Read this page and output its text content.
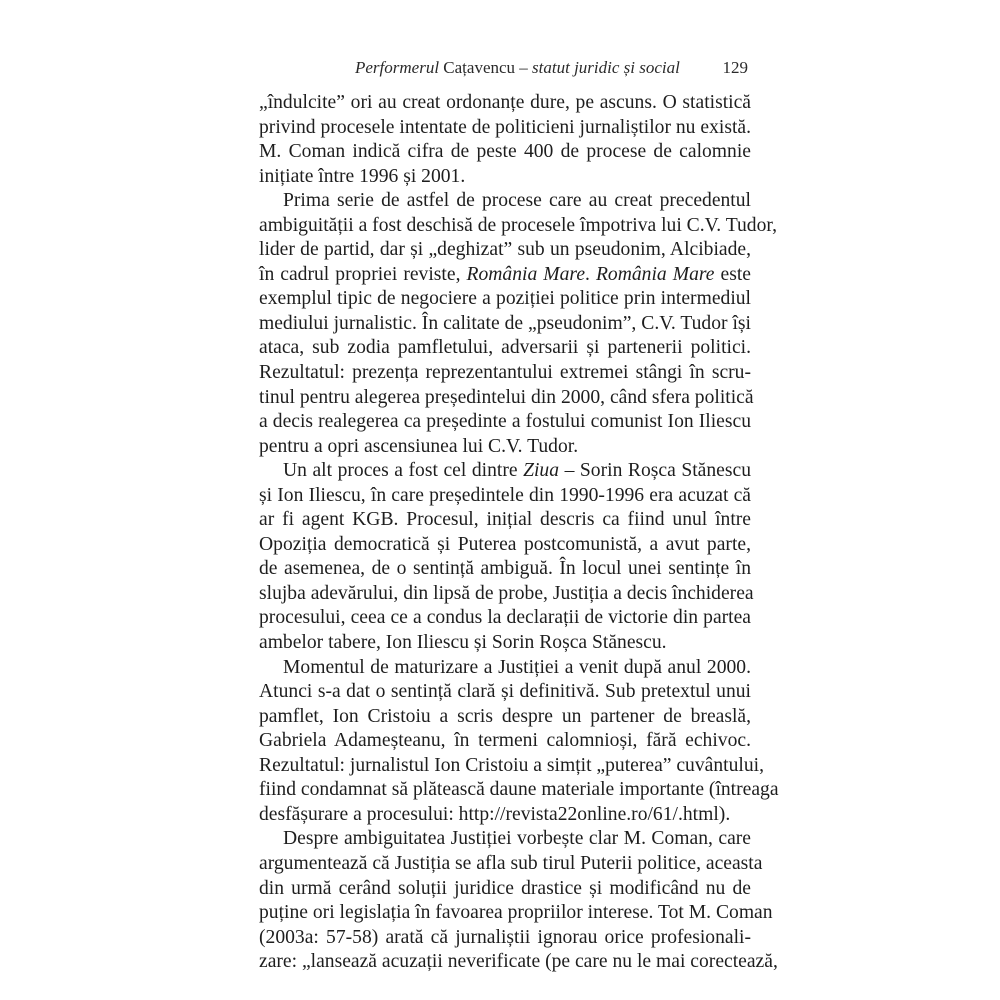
Performerul Cațavencu – statut juridic și social	129

„îndulcite” ori au creat ordonanțe dure, pe ascuns. O statistică
privind procesele intentate de politicieni jurnaliștilor nu există.
M. Coman indică cifra de peste 400 de procese de calomnie
inițiate între 1996 și 2001.

Prima serie de astfel de procese care au creat precedentul
ambiguității a fost deschisă de procesele împotriva lui C.V. Tudor,
lider de partid, dar și „deghizat” sub un pseudonim, Alcibiade,
în cadrul propriei reviste, România Mare. România Mare este
exemplul tipic de negociere a poziției politice prin intermediul
mediului jurnalistic. În calitate de „pseudonim”, C.V. Tudor își
ataca, sub zodia pamfletului, adversarii și partenerii politici.
Rezultatul: prezența reprezentantului extremei stângi în scru-
tinul pentru alegerea președintelui din 2000, când sfera politică
a decis realegerea ca președinte a fostului comunist Ion Iliescu
pentru a opri ascensiunea lui C.V. Tudor.

Un alt proces a fost cel dintre Ziua – Sorin Roșca Stănescu
și Ion Iliescu, în care președintele din 1990-1996 era acuzat că
ar fi agent KGB. Procesul, inițial descris ca fiind unul între
Opoziția democratică și Puterea postcomunistă, a avut parte,
de asemenea, de o sentință ambiguă. În locul unei sentințe în
slujba adevărului, din lipsă de probe, Justiția a decis închiderea
procesului, ceea ce a condus la declarații de victorie din partea
ambelor tabere, Ion Iliescu și Sorin Roșca Stănescu.

Momentul de maturizare a Justiției a venit după anul 2000.
Atunci s-a dat o sentință clară și definitivă. Sub pretextul unui
pamflet, Ion Cristoiu a scris despre un partener de breaslă,
Gabriela Adameșteanu, în termeni calomnioși, fără echivoc.
Rezultatul: jurnalistul Ion Cristoiu a simțit „puterea” cuvântului,
fiind condamnat să plătească daune materiale importante (întreaga
desfășurare a procesului: http://revista22online.ro/61/.html).

Despre ambiguitatea Justiției vorbește clar M. Coman, care
argumentează că Justiția se afla sub tirul Puterii politice, aceasta
din urmă cerând soluții juridice drastice și modificând nu de
puține ori legislația în favoarea propriilor interese. Tot M. Coman
(2003a: 57-58) arată că jurnaliștii ignorau orice profesionali-
zare: „lansează acuzații neverificate (pe care nu le mai corectează,
